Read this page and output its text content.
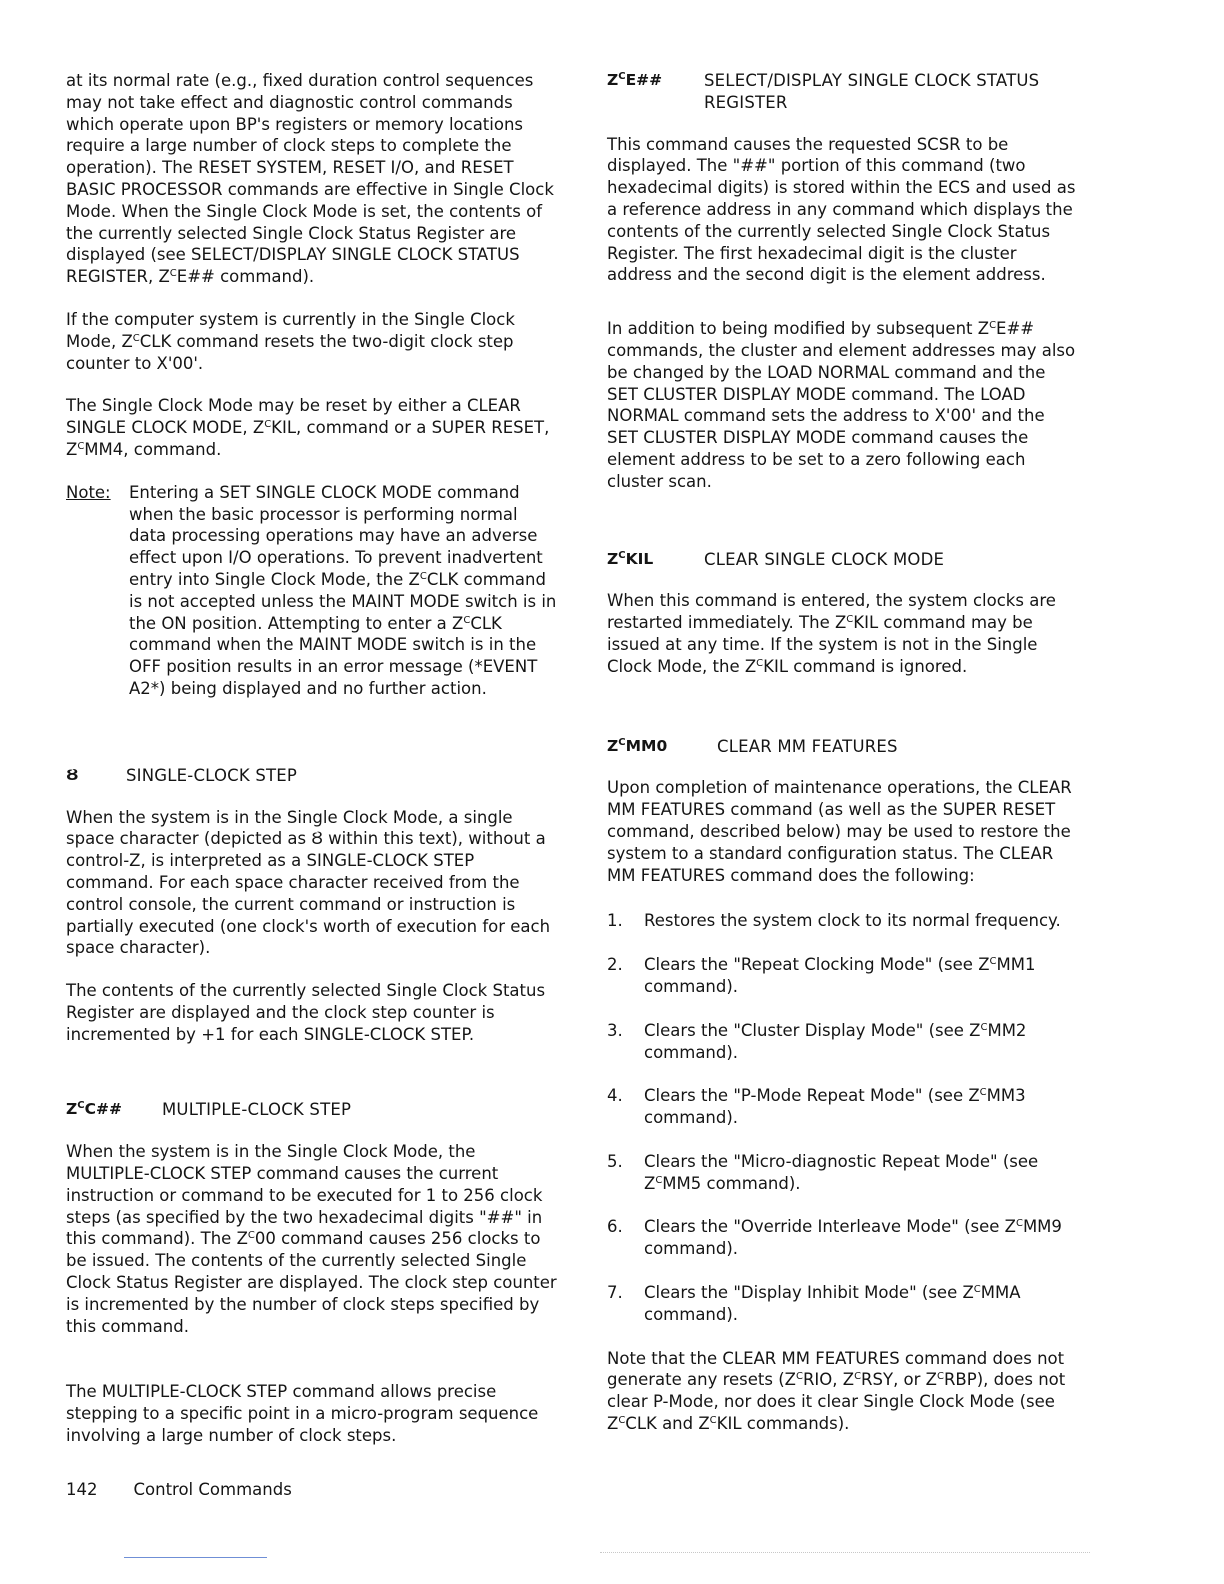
at its normal rate (e.g., fixed duration control sequences may not take effect and diagnostic control commands which operate upon BP's registers or memory locations require a large number of clock steps to complete the operation). The RESET SYSTEM, RESET I/O, and RESET BASIC PROCESSOR commands are effective in Single Clock Mode. When the Single Clock Mode is set, the contents of the currently selected Single Clock Status Register are displayed (see SELECT/DISPLAY SINGLE CLOCK STATUS REGISTER, $Z^CE\#\#$ command).

If the computer system is currently in the Single Clock Mode, $Z^CCLK$ command resets the two-digit clock step counter to X'00'.

The Single Clock Mode may be reset by either a CLEAR SINGLE CLOCK MODE, $Z^CKIL$, command or a SUPER RESET, $Z^CMM4$, command.

Note:	Entering a SET SINGLE CLOCK MODE command when the basic processor is performing normal data processing operations may have an adverse effect upon I/O operations. To prevent inadvertent entry into Single Clock Mode, the $Z^CCLK$ command is not accepted unless the MAINT MODE switch is in the ON position. Attempting to enter a $Z^CCLK$ command when the MAINT MODE switch is in the OFF position results in an error message (*EVENT A2*) being displayed and no further action.
Ȣ	SINGLE-CLOCK STEP

When the system is in the Single Clock Mode, a single space character (depicted as Ȣ within this text), without a control-Z, is interpreted as a SINGLE-CLOCK STEP command. For each space character received from the control console, the current command or instruction is partially executed (one clock's worth of execution for each space character).

The contents of the currently selected Single Clock Status Register are displayed and the clock step counter is incremented by +1 for each SINGLE-CLOCK STEP.

$Z^CC\#\#$	MULTIPLE-CLOCK STEP

When the system is in the Single Clock Mode, the MULTIPLE-CLOCK STEP command causes the current instruction or command to be executed for 1 to 256 clock steps (as specified by the two hexadecimal digits "##" in this command). The $Z^C00$ command causes 256 clocks to be issued. The contents of the currently selected Single Clock Status Register are displayed. The clock step counter is incremented by the number of clock steps specified by this command.

The MULTIPLE-CLOCK STEP command allows precise stepping to a specific point in a micro-program sequence involving a large number of clock steps.

$Z^CE\#\#$	SELECT/DISPLAY SINGLE CLOCK STATUS REGISTER

This command causes the requested SCSR to be displayed. The "##" portion of this command (two hexadecimal digits) is stored within the ECS and used as a reference address in any command which displays the contents of the currently selected Single Clock Status Register. The first hexadecimal digit is the cluster address and the second digit is the element address.

In addition to being modified by subsequent $Z^CE\#\#$ commands, the cluster and element addresses may also be changed by the LOAD NORMAL command and the SET CLUSTER DISPLAY MODE command. The LOAD NORMAL command sets the address to X'00' and the SET CLUSTER DISPLAY MODE command causes the element address to be set to a zero following each cluster scan.

$Z^CKIL$	CLEAR SINGLE CLOCK MODE

When this command is entered, the system clocks are restarted immediately. The $Z^CKIL$ command may be issued at any time. If the system is not in the Single Clock Mode, the $Z^CKIL$ command is ignored.

$Z^CMM0$	CLEAR MM FEATURES

Upon completion of maintenance operations, the CLEAR MM FEATURES command (as well as the SUPER RESET command, described below) may be used to restore the system to a standard configuration status. The CLEAR MM FEATURES command does the following:

1.	Restores the system clock to its normal frequency.
2.	Clears the "Repeat Clocking Mode" (see $Z^CMM1$ command).
3.	Clears the "Cluster Display Mode" (see $Z^CMM2$ command).
4.	Clears the "P-Mode Repeat Mode" (see $Z^CMM3$ command).
5.	Clears the "Micro-diagnostic Repeat Mode" (see $Z^CMM5$ command).
6.	Clears the "Override Interleave Mode" (see $Z^CMM9$ command).
7.	Clears the "Display Inhibit Mode" (see $Z^CMMA$ command).

Note that the CLEAR MM FEATURES command does not generate any resets ($Z^CRIO$, $Z^CRSY$, or $Z^CRBP$), does not clear P-Mode, nor does it clear Single Clock Mode (see $Z^CCLK$ and $Z^CKIL$ commands).

142 Control Commands
